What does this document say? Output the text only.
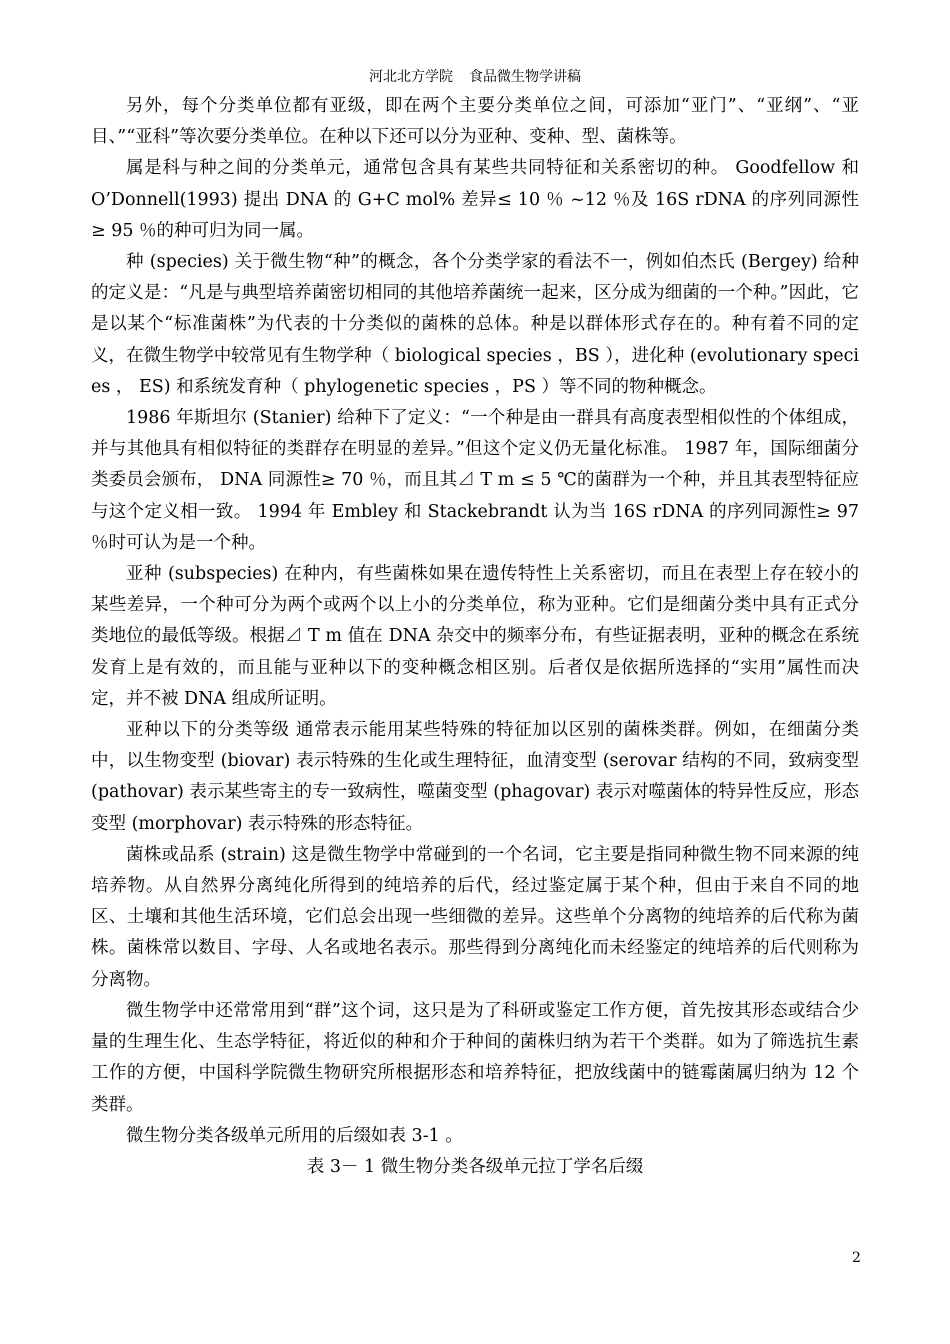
河北北方学院 食品微生物学讲稿

另外，每个分类单位都有亚级，即在两个主要分类单位之间，可添加“亚门”、“亚纲”、“亚目、”“亚科”等次要分类单位。在种以下还可以分为亚种、变种、型、菌株等。

属是科与种之间的分类单元，通常包含具有某些共同特征和关系密切的种。 Goodfellow 和 O’Donnell(1993) 提出 DNA 的 G+C mol% 差异≤ 10 ％ ~12 ％及 16S rDNA 的序列同源性≥ 95 ％的种可归为同一属。

种 (species) 关于微生物“种”的概念，各个分类学家的看法不一，例如伯杰氏 (Bergey) 给种的定义是：“凡是与典型培养菌密切相同的其他培养菌统一起来，区分成为细菌的一个种。”因此，它是以某个“标准菌株”为代表的十分类似的菌株的总体。种是以群体形式存在的。种有着不同的定义，在微生物学中较常见有生物学种（ biological species ，BS ），进化种 (evolutionary species ， ES) 和系统发育种（ phylogenetic species ，PS ）等不同的物种概念。

1986 年斯坦尔 (Stanier) 给种下了定义：“一个种是由一群具有高度表型相似性的个体组成，并与其他具有相似特征的类群存在明显的差异。”但这个定义仍无量化标准。 1987 年，国际细菌分类委员会颁布， DNA 同源性≥ 70 ％，而且其⊿ T m ≤ 5 ℃的菌群为一个种，并且其表型特征应与这个定义相一致。 1994 年 Embley 和 Stackebrandt 认为当 16S rDNA 的序列同源性≥ 97 ％时可认为是一个种。

亚种 (subspecies) 在种内，有些菌株如果在遗传特性上关系密切，而且在表型上存在较小的某些差异，一个种可分为两个或两个以上小的分类单位，称为亚种。它们是细菌分类中具有正式分类地位的最低等级。根据⊿ T m 值在 DNA 杂交中的频率分布，有些证据表明，亚种的概念在系统发育上是有效的，而且能与亚种以下的变种概念相区别。后者仅是依据所选择的“实用”属性而决定，并不被 DNA 组成所证明。

亚种以下的分类等级 通常表示能用某些特殊的特征加以区别的菌株类群。例如，在细菌分类中，以生物变型 (biovar) 表示特殊的生化或生理特征，血清变型 (serovar 结构的不同，致病变型 (pathovar) 表示某些寄主的专一致病性，噬菌变型 (phagovar) 表示对噬菌体的特异性反应，形态变型 (morphovar) 表示特殊的形态特征。

菌株或品系 (strain) 这是微生物学中常碰到的一个名词，它主要是指同种微生物不同来源的纯培养物。从自然界分离纯化所得到的纯培养的后代，经过鉴定属于某个种，但由于来自不同的地区、土壤和其他生活环境，它们总会出现一些细微的差异。这些单个分离物的纯培养的后代称为菌株。菌株常以数目、字母、人名或地名表示。那些得到分离纯化而未经鉴定的纯培养的后代则称为分离物。

微生物学中还常常用到“群”这个词，这只是为了科研或鉴定工作方便，首先按其形态或结合少量的生理生化、生态学特征，将近似的种和介于种间的菌株归纳为若干个类群。如为了筛选抗生素工作的方便，中国科学院微生物研究所根据形态和培养特征，把放线菌中的链霉菌属归纳为 12 个类群。

微生物分类各级单元所用的后缀如表 3-1 。

表 3－ 1 微生物分类各级单元拉丁学名后缀

2
